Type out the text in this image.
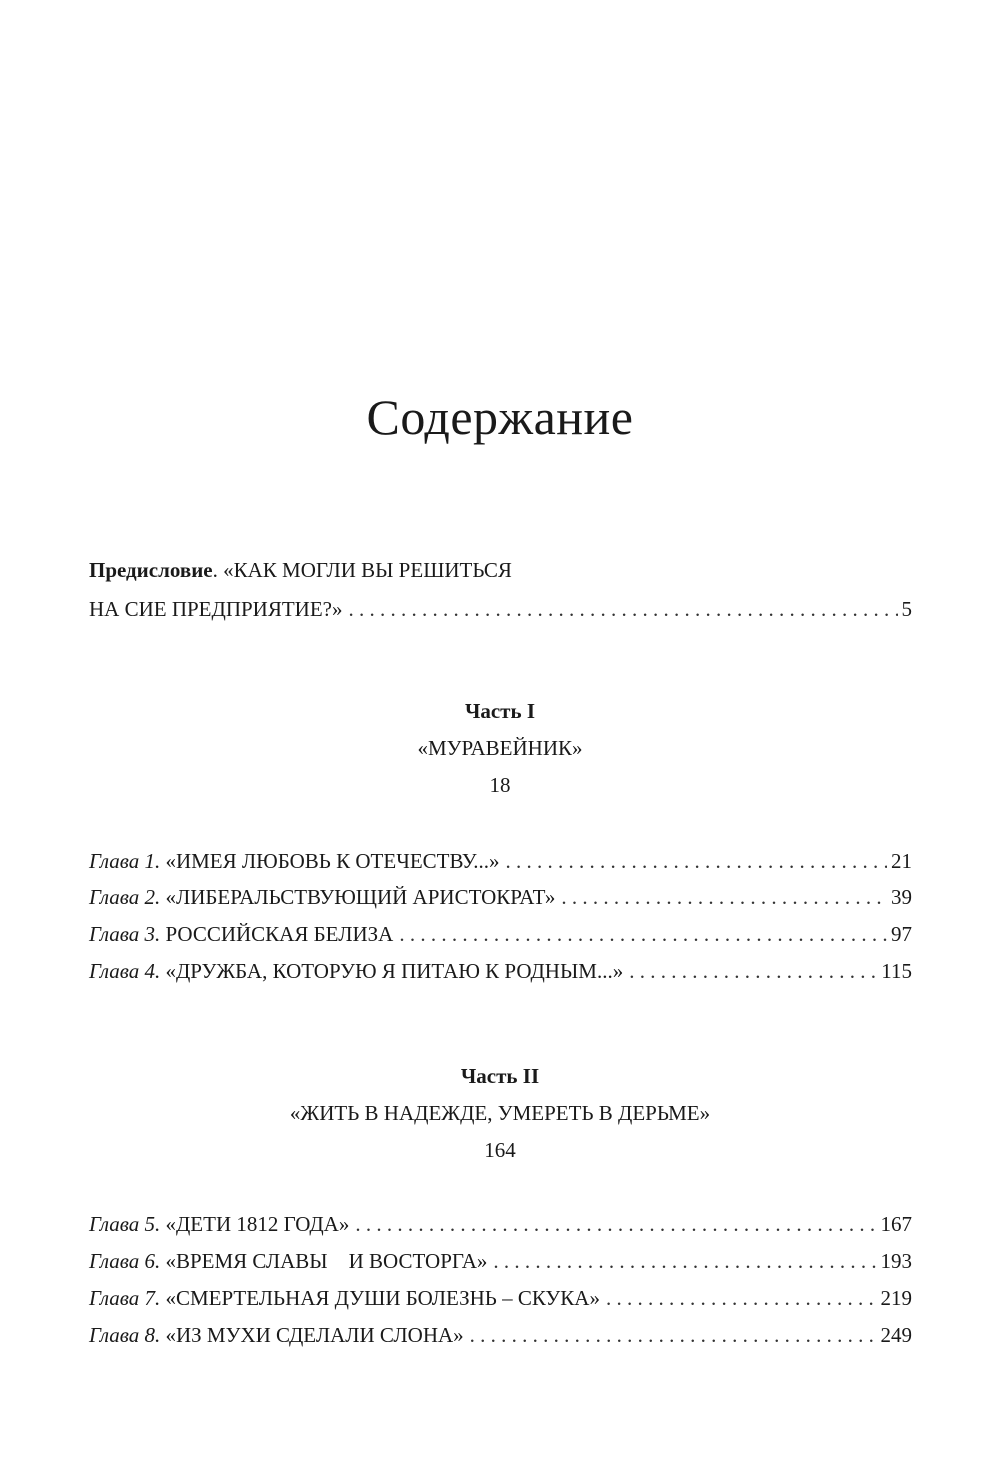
Содержание
Предисловие. «КАК МОГЛИ ВЫ РЕШИТЬСЯ
НА СИЕ ПРЕДПРИЯТИЕ?» . . .	5
Часть I
«МУРАВЕЙНИК»
18
Глава 1. «ИМЕЯ ЛЮБОВЬ К ОТЕЧЕСТВУ...» . . .	21
Глава 2. «ЛИБЕРАЛЬСТВУЮЩИЙ АРИСТОКРАТ» . . .	39
Глава 3. РОССИЙСКАЯ БЕЛИЗА . . .	97
Глава 4. «ДРУЖБА, КОТОРУЮ Я ПИТАЮ К РОДНЫМ...» . . .	115
Часть II
«ЖИТЬ В НАДЕЖДЕ, УМЕРЕТЬ В ДЕРЬМЕ»
164
Глава 5. «ДЕТИ 1812 ГОДА» . . .	167
Глава 6. «ВРЕМЯ СЛАВЫ    И ВОСТОРГА» . . .	193
Глава 7. «СМЕРТЕЛЬНАЯ ДУШИ БОЛЕЗНЬ – СКУКА» . . .	219
Глава 8. «ИЗ МУХИ СДЕЛАЛИ СЛОНА» . . .	249
